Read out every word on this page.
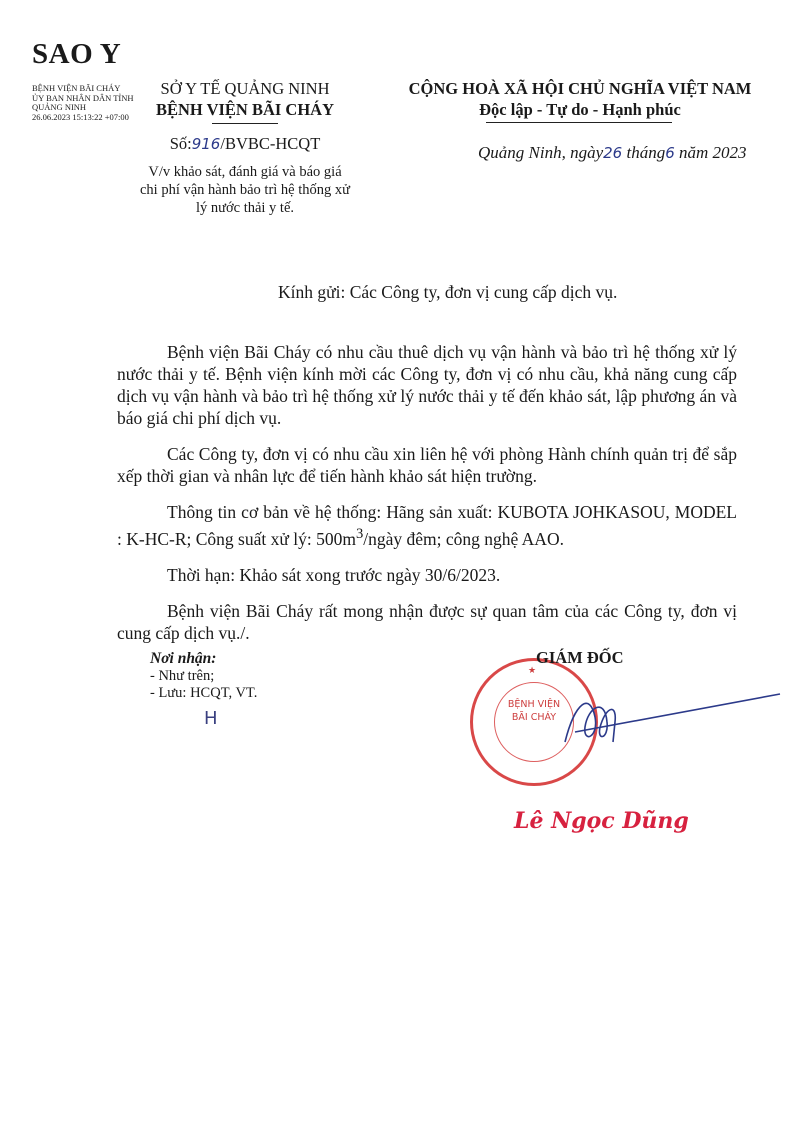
SAO Y
BỆNH VIỆN BÃI CHÁY
ỦY BAN NHÂN DÂN TỈNH QUẢNG NINH
26.06.2023 15:13:22 +07:00
SỞ Y TẾ QUẢNG NINH
BỆNH VIỆN BÃI CHÁY
Số:916/BVBC-HCQT
V/v khảo sát, đánh giá và báo giá chi phí vận hành bảo trì hệ thống xử lý nước thải y tế.
CỘNG HOÀ XÃ HỘI CHỦ NGHĨA VIỆT NAM
Độc lập - Tự do - Hạnh phúc
Quảng Ninh, ngày26 tháng6 năm 2023
Kính gửi: Các Công ty, đơn vị cung cấp dịch vụ.

Bệnh viện Bãi Cháy có nhu cầu thuê dịch vụ vận hành và bảo trì hệ thống xử lý nước thải y tế. Bệnh viện kính mời các Công ty, đơn vị có nhu cầu, khả năng cung cấp dịch vụ vận hành và bảo trì hệ thống xử lý nước thải y tế đến khảo sát, lập phương án và báo giá chi phí dịch vụ.

Các Công ty, đơn vị có nhu cầu xin liên hệ với phòng Hành chính quản trị để sắp xếp thời gian và nhân lực để tiến hành khảo sát hiện trường.

Thông tin cơ bản về hệ thống: Hãng sản xuất: KUBOTA JOHKASOU, MODEL : K-HC-R; Công suất xử lý: $500m^3$/ngày đêm; công nghệ AAO.

Thời hạn: Khảo sát xong trước ngày 30/6/2023.

Bệnh viện Bãi Cháy rất mong nhận được sự quan tâm của các Công ty, đơn vị cung cấp dịch vụ./.

Nơi nhận:
- Như trên;
- Lưu: HCQT, VT.
H
★
BỆNH VIỆN
BÃI CHÁY
GIÁM ĐỐC
Lê Ngọc Dũng
